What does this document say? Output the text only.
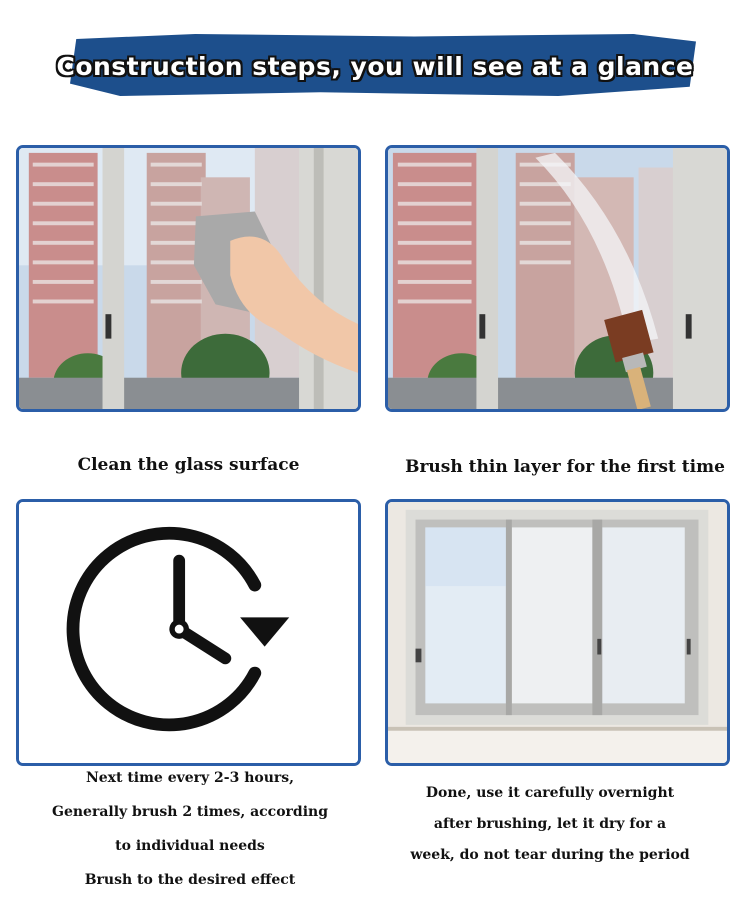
Construction steps, you will see at a glance
Clean the glass surface	Brush thin layer for the first time
Next time every 2-3 hours,
Generally brush 2 times, according
to individual needs
Brush to the desired effect
Done, use it carefully overnight
after brushing, let it dry for a
week, do not tear during the period
